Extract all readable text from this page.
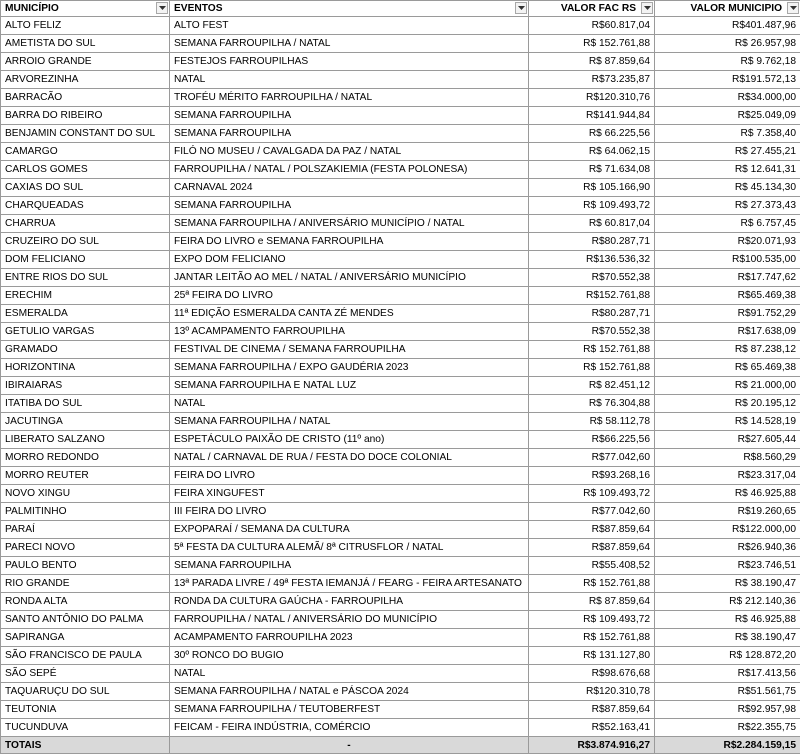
MUNICÍPIO	EVENTOS	VALOR FAC RS	VALOR MUNICIPIO

ALTO FELIZ	ALTO FEST	R$60.817,04	R$401.487,96
AMETISTA DO SUL	SEMANA FARROUPILHA / NATAL	R$ 152.761,88	R$ 26.957,98
ARROIO GRANDE	FESTEJOS FARROUPILHAS	R$ 87.859,64	R$ 9.762,18
ARVOREZINHA	NATAL	R$73.235,87	R$191.572,13
BARRACÃO	TROFÉU MÉRITO FARROUPILHA / NATAL	R$120.310,76	R$34.000,00
BARRA DO RIBEIRO	SEMANA FARROUPILHA	R$141.944,84	R$25.049,09
BENJAMIN CONSTANT DO SUL	SEMANA FARROUPILHA	R$ 66.225,56	R$ 7.358,40
CAMARGO	FILÓ NO MUSEU / CAVALGADA DA PAZ / NATAL	R$ 64.062,15	R$ 27.455,21
CARLOS GOMES	FARROUPILHA / NATAL / POLSZAKIEMIA (FESTA POLONESA)	R$ 71.634,08	R$ 12.641,31
CAXIAS DO SUL	CARNAVAL 2024	R$ 105.166,90	R$ 45.134,30
CHARQUEADAS	SEMANA FARROUPILHA	R$ 109.493,72	R$ 27.373,43
CHARRUA	SEMANA FARROUPILHA / ANIVERSÁRIO MUNICÍPIO / NATAL	R$ 60.817,04	R$ 6.757,45
CRUZEIRO DO SUL	FEIRA DO LIVRO e SEMANA FARROUPILHA	R$80.287,71	R$20.071,93
DOM FELICIANO	EXPO DOM FELICIANO	R$136.536,32	R$100.535,00
ENTRE RIOS DO SUL	JANTAR LEITÃO AO MEL / NATAL / ANIVERSÁRIO MUNICÍPIO	R$70.552,38	R$17.747,62
ERECHIM	25ª FEIRA DO LIVRO	R$152.761,88	R$65.469,38
ESMERALDA	11ª EDIÇÃO ESMERALDA CANTA ZÉ MENDES	R$80.287,71	R$91.752,29
GETULIO VARGAS	13º ACAMPAMENTO FARROUPILHA	R$70.552,38	R$17.638,09
GRAMADO	FESTIVAL DE CINEMA / SEMANA FARROUPILHA	R$ 152.761,88	R$ 87.238,12
HORIZONTINA	SEMANA FARROUPILHA / EXPO GAUDÉRIA 2023	R$ 152.761,88	R$ 65.469,38
IBIRAIARAS	SEMANA FARROUPILHA E NATAL LUZ	R$ 82.451,12	R$ 21.000,00
ITATIBA DO SUL	NATAL	R$ 76.304,88	R$ 20.195,12
JACUTINGA	SEMANA FARROUPILHA / NATAL	R$ 58.112,78	R$ 14.528,19
LIBERATO SALZANO	ESPETÁCULO PAIXÃO DE CRISTO (11º ano)	R$66.225,56	R$27.605,44
MORRO REDONDO	NATAL / CARNAVAL DE RUA / FESTA DO DOCE COLONIAL	R$77.042,60	R$8.560,29
MORRO REUTER	FEIRA DO LIVRO	R$93.268,16	R$23.317,04
NOVO XINGU	FEIRA XINGUFEST	R$ 109.493,72	R$ 46.925,88
PALMITINHO	III FEIRA DO LIVRO	R$77.042,60	R$19.260,65
PARAÍ	EXPOPARAÍ / SEMANA DA CULTURA	R$87.859,64	R$122.000,00
PARECI NOVO	5ª FESTA DA CULTURA ALEMÃ/ 8ª CITRUSFLOR / NATAL	R$87.859,64	R$26.940,36
PAULO BENTO	SEMANA FARROUPILHA	R$55.408,52	R$23.746,51
RIO GRANDE	13ª PARADA LIVRE / 49ª FESTA IEMANJÁ / FEARG - FEIRA ARTESANATO	R$ 152.761,88	R$ 38.190,47
RONDA ALTA	RONDA DA CULTURA GAÚCHA - FARROUPILHA	R$ 87.859,64	R$ 212.140,36
SANTO ANTÔNIO DO PALMA	FARROUPILHA / NATAL / ANIVERSÁRIO DO MUNICÍPIO	R$ 109.493,72	R$ 46.925,88
SAPIRANGA	ACAMPAMENTO FARROUPILHA 2023	R$ 152.761,88	R$ 38.190,47
SÃO FRANCISCO DE PAULA	30º RONCO DO BUGIO	R$ 131.127,80	R$ 128.872,20
SÃO SEPÉ	NATAL	R$98.676,68	R$17.413,56
TAQUARUÇU DO SUL	SEMANA FARROUPILHA / NATAL e PÁSCOA 2024	R$120.310,78	R$51.561,75
TEUTONIA	SEMANA FARROUPILHA / TEUTOBERFEST	R$87.859,64	R$92.957,98
TUCUNDUVA	FEICAM - FEIRA INDÚSTRIA, COMÉRCIO	R$52.163,41	R$22.355,75
TOTAIS	-	R$3.874.916,27	R$2.284.159,15
